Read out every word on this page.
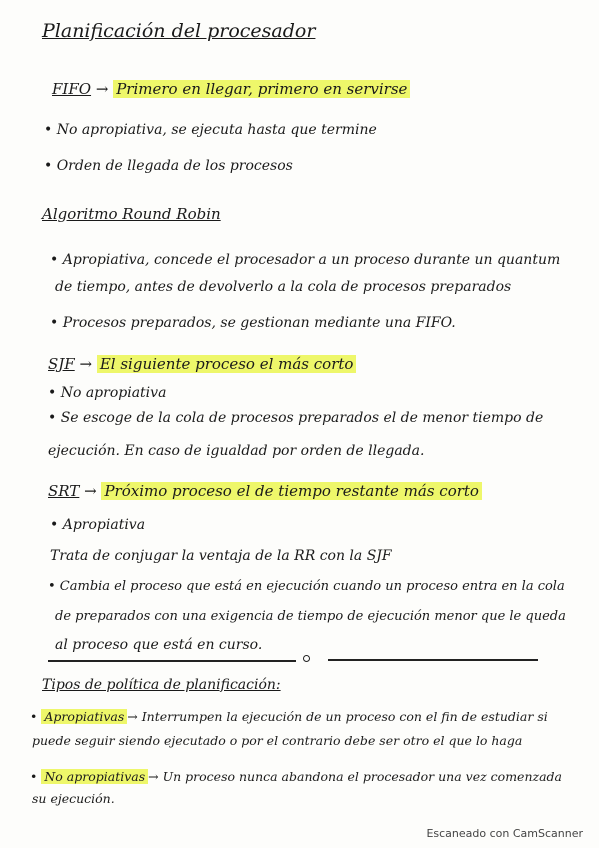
Planificación del procesador
FIFO → Primero en llegar, primero en servirse
• No apropiativa, se ejecuta hasta que termine
• Orden de llegada de los procesos
Algoritmo Round Robin
• Apropiativa, concede el procesador a un proceso durante un quantum
de tiempo, antes de devolverlo a la cola de procesos preparados
• Procesos preparados, se gestionan mediante una FIFO.
SJF → El siguiente proceso el más corto
• No apropiativa
• Se escoge de la cola de procesos preparados el de menor tiempo de
ejecución. En caso de igualdad por orden de llegada.
SRT → Próximo proceso el de tiempo restante más corto
• Apropiativa
Trata de conjugar la ventaja de la RR con la SJF
• Cambia el proceso que está en ejecución cuando un proceso entra en la cola
de preparados con una exigencia de tiempo de ejecución menor que le queda
al proceso que está en curso.
Tipos de política de planificación:
• Apropiativas → Interrumpen la ejecución de un proceso con el fin de estudiar si
puede seguir siendo ejecutado o por el contrario debe ser otro el que lo haga
• No apropiativas → Un proceso nunca abandona el procesador una vez comenzada
su ejecución.
Escaneado con CamScanner
